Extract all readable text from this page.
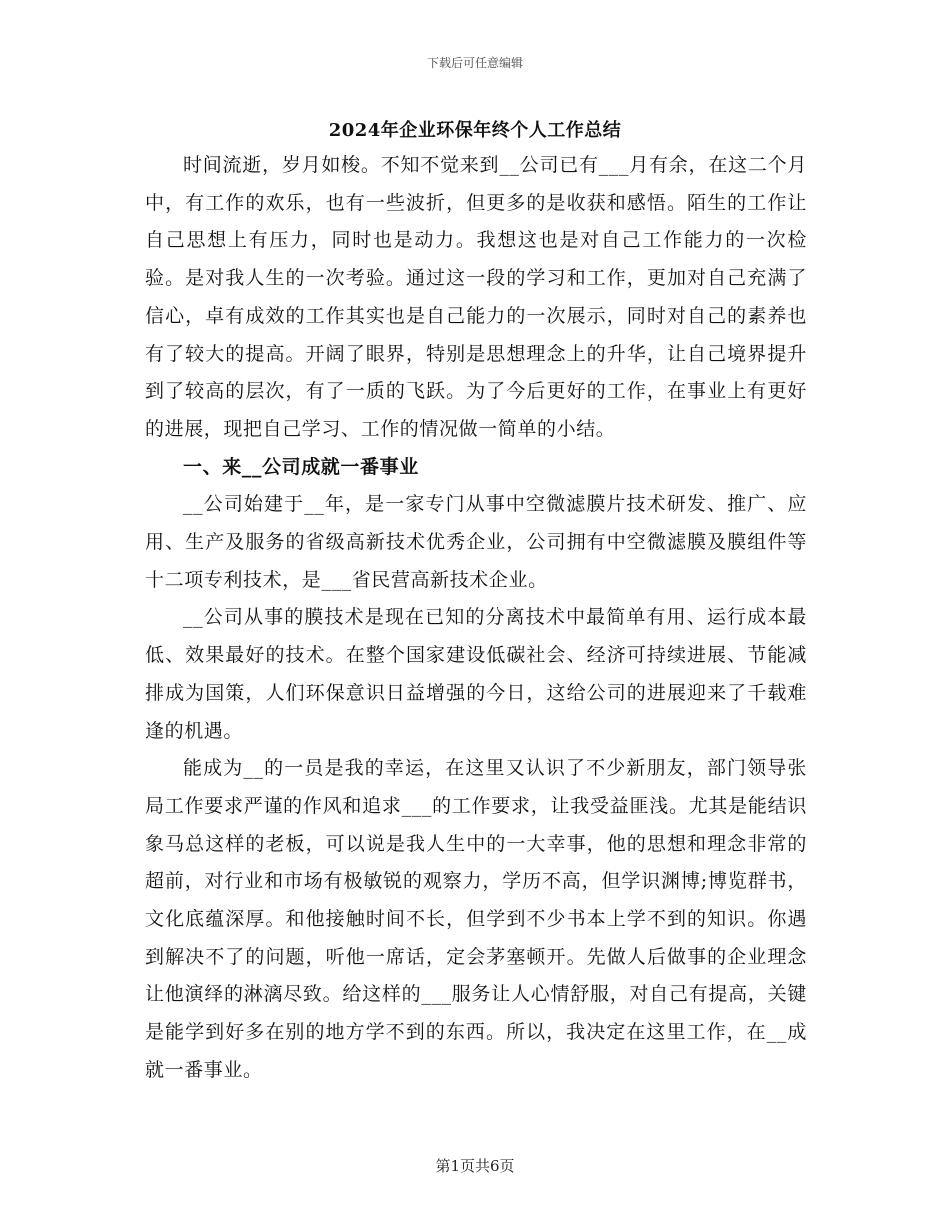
下载后可任意编辑
2024年企业环保年终个人工作总结

时间流逝，岁月如梭。不知不觉来到__公司已有___月有余，在这二个月中，有工作的欢乐，也有一些波折，但更多的是收获和感悟。陌生的工作让自己思想上有压力，同时也是动力。我想这也是对自己工作能力的一次检验。是对我人生的一次考验。通过这一段的学习和工作，更加对自己充满了信心，卓有成效的工作其实也是自己能力的一次展示，同时对自己的素养也有了较大的提高。开阔了眼界，特别是思想理念上的升华，让自己境界提升到了较高的层次，有了一质的飞跃。为了今后更好的工作，在事业上有更好的进展，现把自己学习、工作的情况做一简单的小结。

一、来__公司成就一番事业

__公司始建于__年，是一家专门从事中空微滤膜片技术研发、推广、应用、生产及服务的省级高新技术优秀企业，公司拥有中空微滤膜及膜组件等十二项专利技术，是___省民营高新技术企业。

__公司从事的膜技术是现在已知的分离技术中最简单有用、运行成本最低、效果最好的技术。在整个国家建设低碳社会、经济可持续进展、节能减排成为国策，人们环保意识日益增强的今日，这给公司的进展迎来了千载难逢的机遇。

能成为__的一员是我的幸运，在这里又认识了不少新朋友，部门领导张局工作要求严谨的作风和追求___的工作要求，让我受益匪浅。尤其是能结识象马总这样的老板，可以说是我人生中的一大幸事，他的思想和理念非常的超前，对行业和市场有极敏锐的观察力，学历不高，但学识渊博;博览群书，文化底蕴深厚。和他接触时间不长，但学到不少书本上学不到的知识。你遇到解决不了的问题，听他一席话，定会茅塞顿开。先做人后做事的企业理念让他演绎的淋漓尽致。给这样的___服务让人心情舒服，对自己有提高，关键是能学到好多在别的地方学不到的东西。所以，我决定在这里工作，在__成就一番事业。

第1页共6页
